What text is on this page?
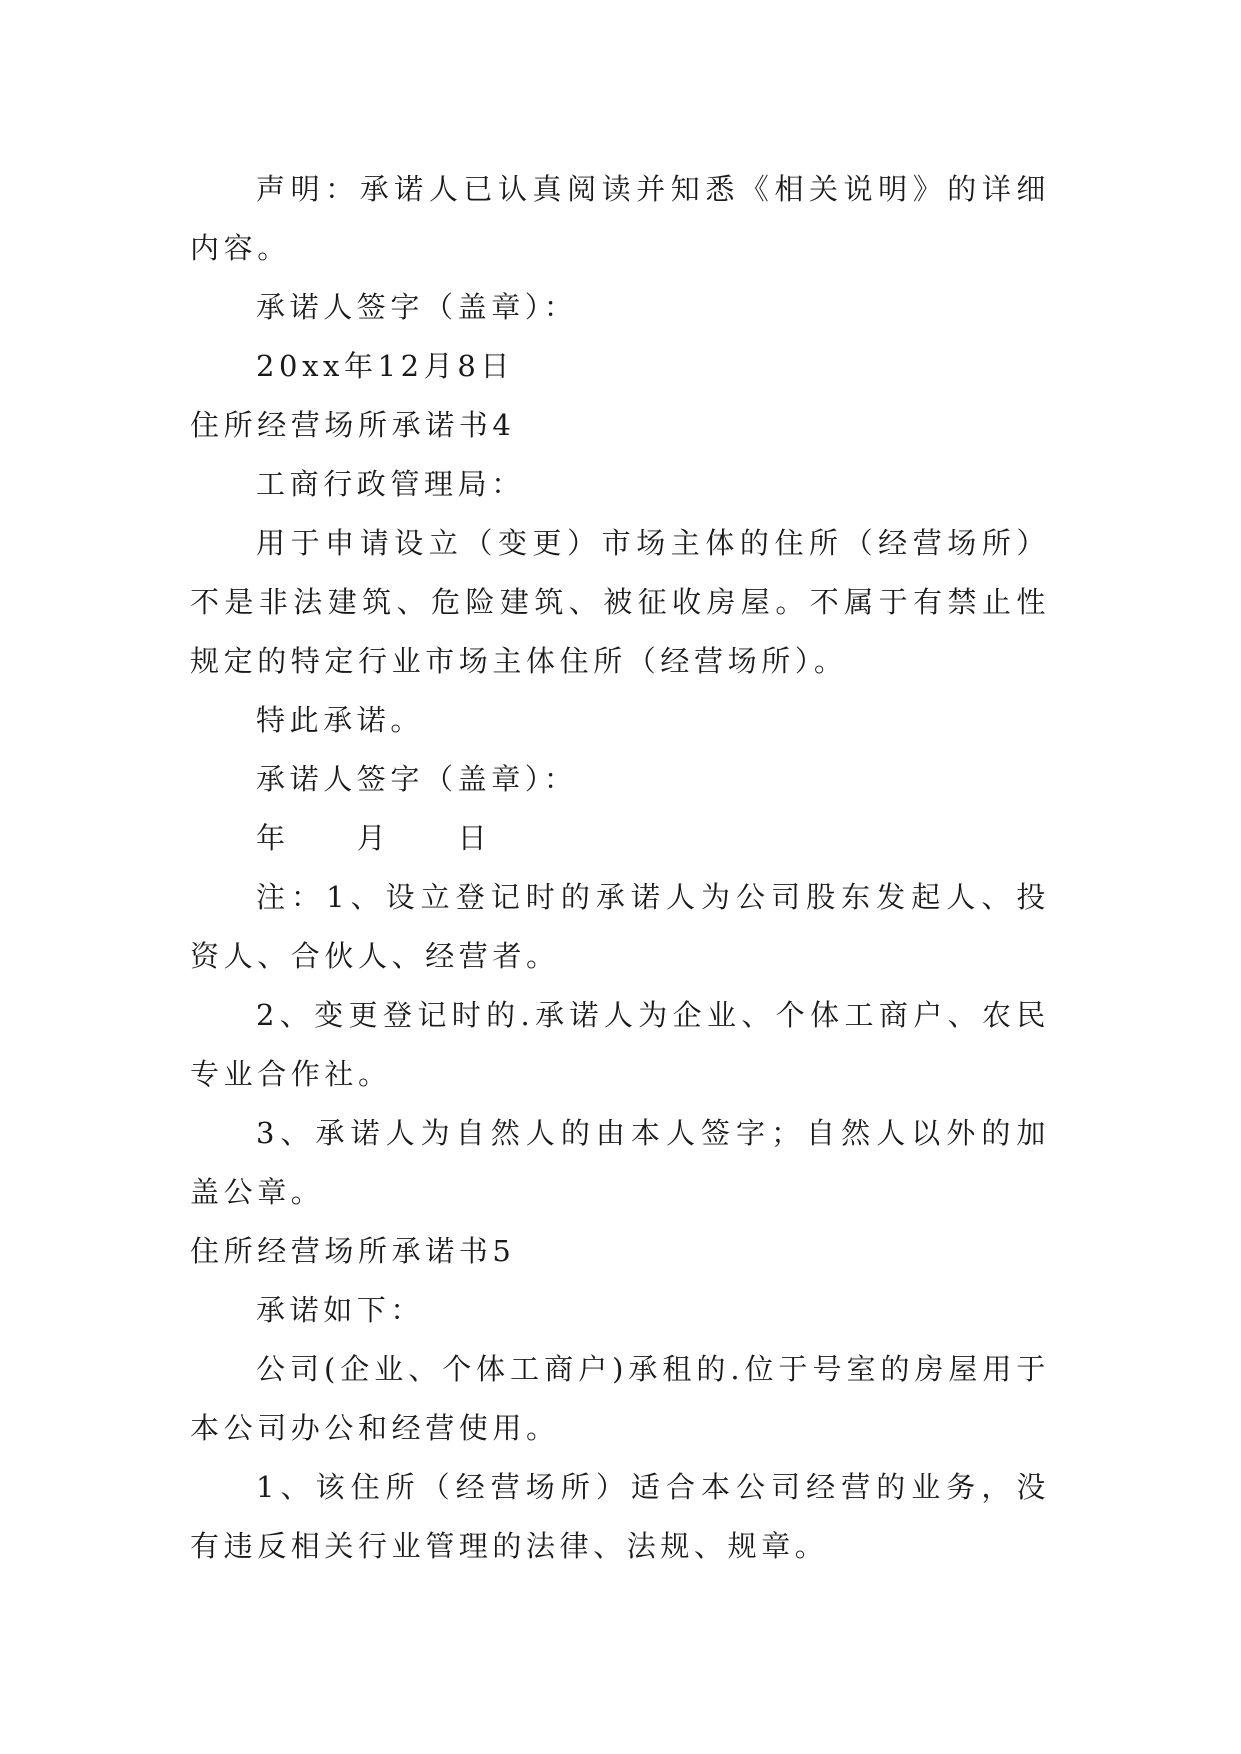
声明：承诺人已认真阅读并知悉《相关说明》的详细内容。

承诺人签字（盖章）：

20xx年12月8日

住所经营场所承诺书4

工商行政管理局：

用于申请设立（变更）市场主体的住所（经营场所）不是非法建筑、危险建筑、被征收房屋。不属于有禁止性规定的特定行业市场主体住所（经营场所）。

特此承诺。

承诺人签字（盖章）：

年　　月　　日

注：1、设立登记时的承诺人为公司股东发起人、投资人、合伙人、经营者。

2、变更登记时的.承诺人为企业、个体工商户、农民专业合作社。

3、承诺人为自然人的由本人签字；自然人以外的加盖公章。

住所经营场所承诺书5

承诺如下：

公司(企业、个体工商户)承租的.位于号室的房屋用于本公司办公和经营使用。

1、该住所（经营场所）适合本公司经营的业务，没有违反相关行业管理的法律、法规、规章。
